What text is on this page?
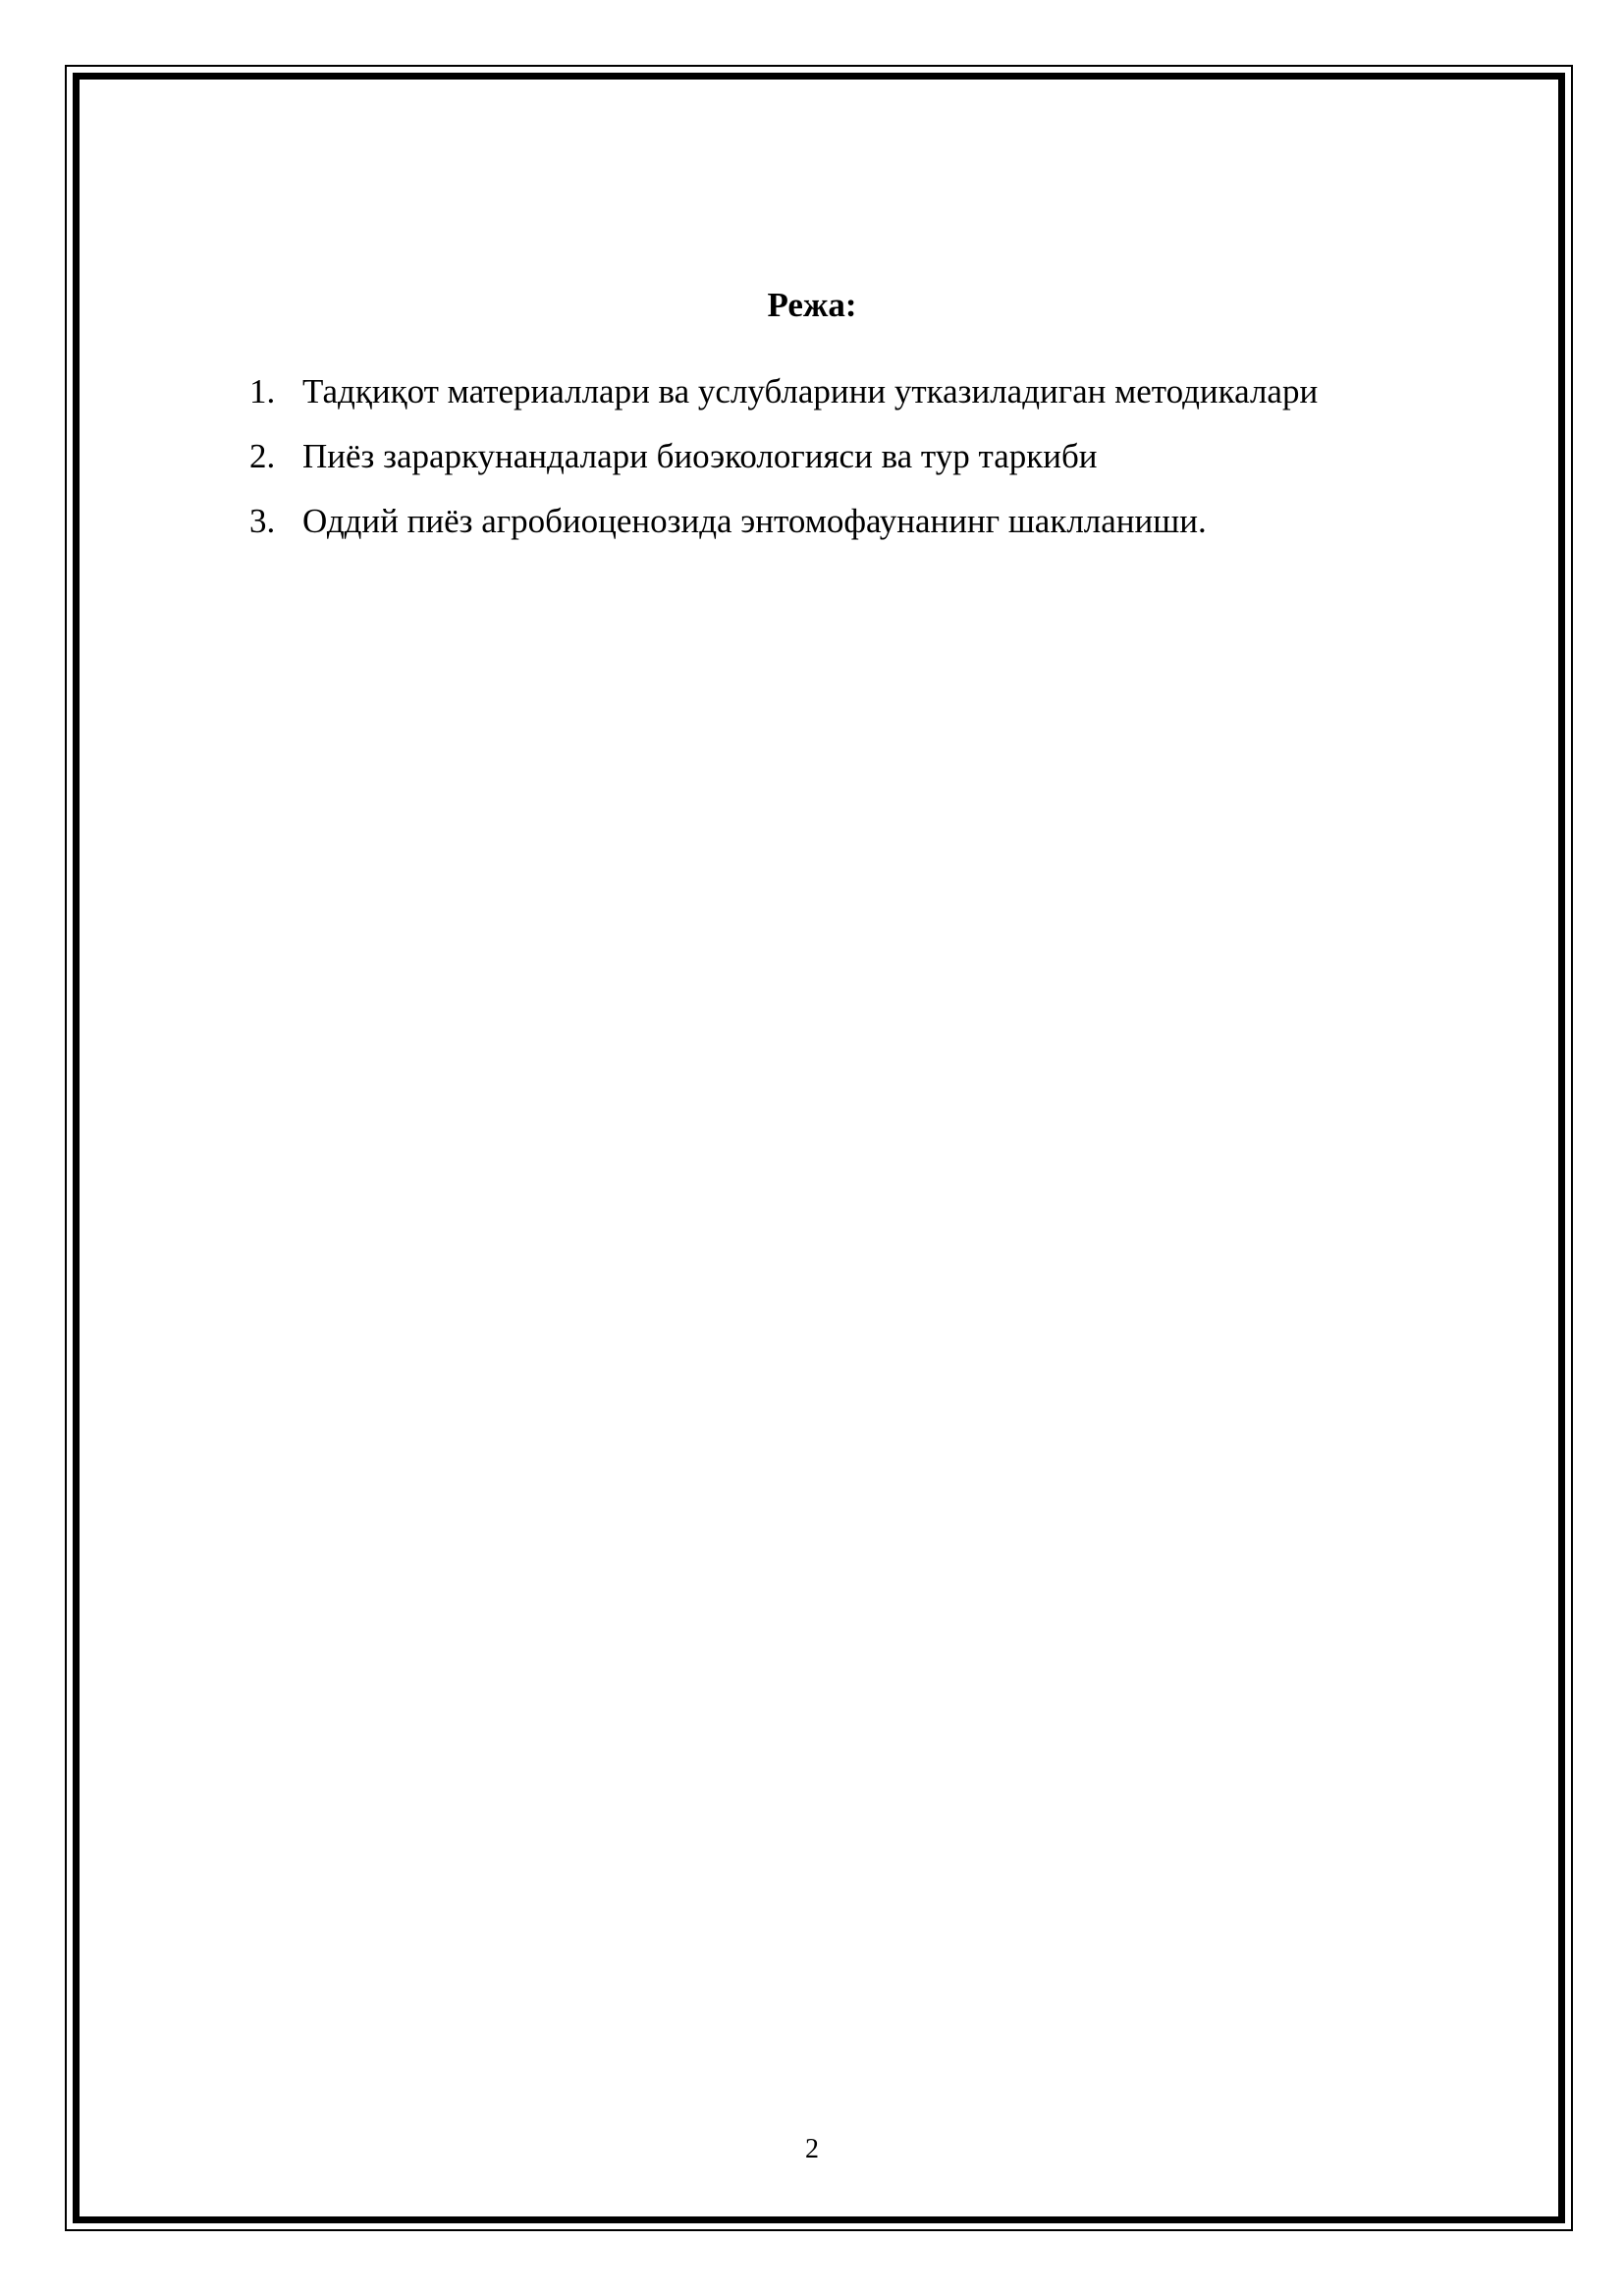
Режа:
1. Тадқиқот материаллари ва услубларини утказиладиган методикалари
2. Пиёз зараркунандалари биоэкологияси ва тур таркиби
3. Оддий пиёз агробиоценозида энтомофаунанинг шаклланиши.
2
